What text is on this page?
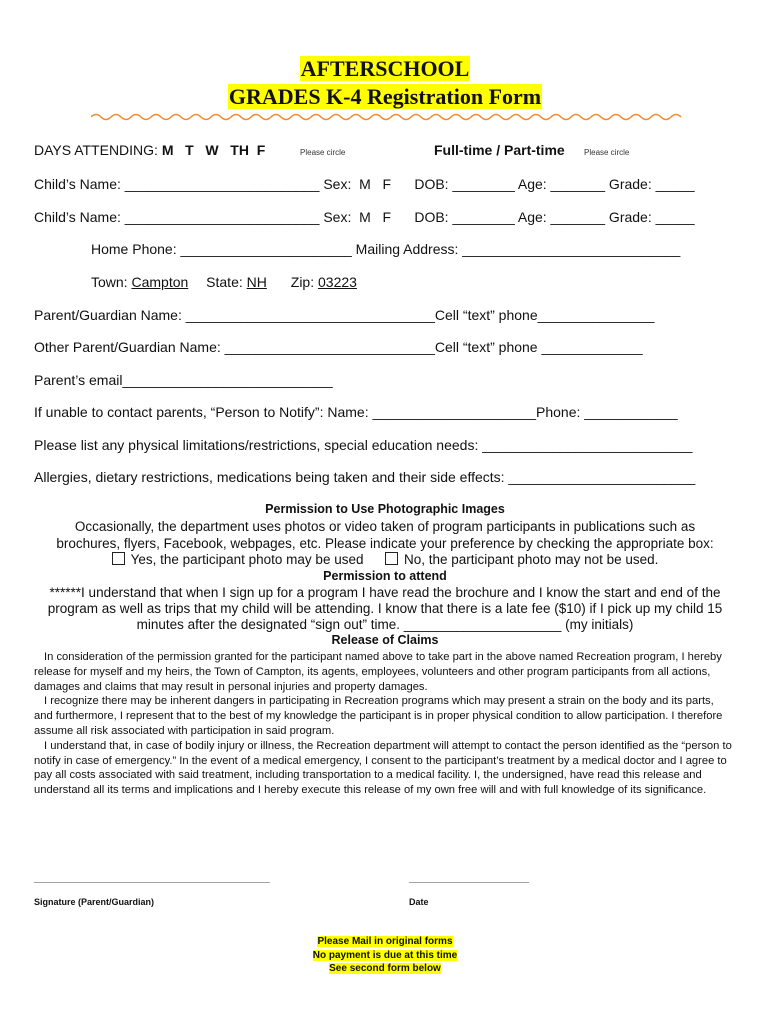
AFTERSCHOOL
GRADES K-4 Registration Form
DAYS ATTENDING: M   T   W   TH  F	Please circle	Full-time / Part-time Please circle
Child’s Name: _________________________ Sex:  M   F      DOB: ________ Age: _______ Grade: _____
Child’s Name: _________________________ Sex:  M   F      DOB: ________ Age: _______ Grade: _____
Home Phone: ______________________ Mailing Address: ____________________________
Town: Campton State: NH Zip: 03223
Parent/Guardian Name: ________________________________Cell “text” phone_______________
Other Parent/Guardian Name: ___________________________Cell “text” phone _____________
Parent’s email___________________________
If unable to contact parents, “Person to Notify”: Name: _____________________Phone: ____________
Please list any physical limitations/restrictions, special education needs: ___________________________
Allergies, dietary restrictions, medications being taken and their side effects: ________________________
Permission to Use Photographic Images
Occasionally, the department uses photos or video taken of program participants in publications such as
brochures, flyers, Facebook, webpages, etc. Please indicate your preference by checking the appropriate box:
Yes, the participant photo may be used	No, the participant photo may not be used.
Permission to attend
******I understand that when I sign up for a program I have read the brochure and I know the start and end of the
program as well as trips that my child will be attending. I know that there is a late fee ($10) if I pick up my child 15
minutes after the designated “sign out” time. _____________________ (my initials)
Release of Claims

In consideration of the permission granted for the participant named above to take part in the above named Recreation program, I hereby release for myself and my heirs, the Town of Campton, its agents, employees, volunteers and other program participants from all actions, damages and claims that may result in personal injuries and property damages.

I recognize there may be inherent dangers in participating in Recreation programs which may present a strain on the body and its parts, and furthermore, I represent that to the best of my knowledge the participant is in proper physical condition to allow participation. I therefore assume all risk associated with participation in said program.

I understand that, in case of bodily injury or illness, the Recreation department will attempt to contact the person identified as the “person to notify in case of emergency.” In the event of a medical emergency, I consent to the participant’s treatment by a medical doctor and I agree to pay all costs associated with said treatment, including transportation to a medical facility. I, the undersigned, have read this release and understand all its terms and implications and I hereby execute this release of my own free will and with full knowledge of its significance.

_____________________________________________________	___________________________
Signature (Parent/Guardian)	Date
Please Mail in original forms
No payment is due at this time
See second form below
